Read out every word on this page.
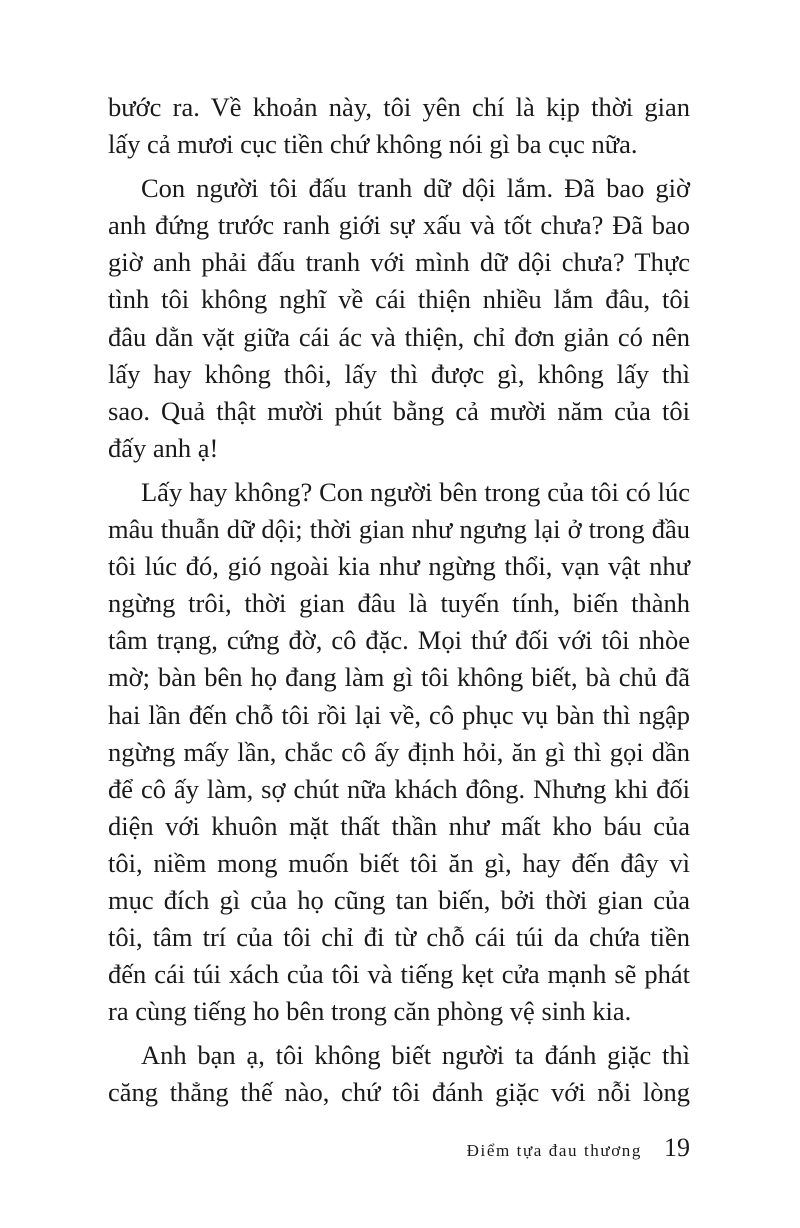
bước ra. Về khoản này, tôi yên chí là kịp thời gian
lấy cả mươi cục tiền chứ không nói gì ba cục nữa.
Con người tôi đấu tranh dữ dội lắm. Đã bao giờ
anh đứng trước ranh giới sự xấu và tốt chưa? Đã bao
giờ anh phải đấu tranh với mình dữ dội chưa? Thực
tình tôi không nghĩ về cái thiện nhiều lắm đâu, tôi
đâu dằn vặt giữa cái ác và thiện, chỉ đơn giản có nên
lấy hay không thôi, lấy thì được gì, không lấy thì
sao. Quả thật mười phút bằng cả mười năm của tôi
đấy anh ạ!
Lấy hay không? Con người bên trong của tôi có lúc
mâu thuẫn dữ dội; thời gian như ngưng lại ở trong đầu
tôi lúc đó, gió ngoài kia như ngừng thổi, vạn vật như
ngừng trôi, thời gian đâu là tuyến tính, biến thành
tâm trạng, cứng đờ, cô đặc. Mọi thứ đối với tôi nhòe
mờ; bàn bên họ đang làm gì tôi không biết, bà chủ đã
hai lần đến chỗ tôi rồi lại về, cô phục vụ bàn thì ngập
ngừng mấy lần, chắc cô ấy định hỏi, ăn gì thì gọi dần
để cô ấy làm, sợ chút nữa khách đông. Nhưng khi đối
diện với khuôn mặt thất thần như mất kho báu của
tôi, niềm mong muốn biết tôi ăn gì, hay đến đây vì
mục đích gì của họ cũng tan biến, bởi thời gian của
tôi, tâm trí của tôi chỉ đi từ chỗ cái túi da chứa tiền
đến cái túi xách của tôi và tiếng kẹt cửa mạnh sẽ phát
ra cùng tiếng ho bên trong căn phòng vệ sinh kia.
Anh bạn ạ, tôi không biết người ta đánh giặc thì
căng thẳng thế nào, chứ tôi đánh giặc với nỗi lòng
Điểm tựa đau thương 19
